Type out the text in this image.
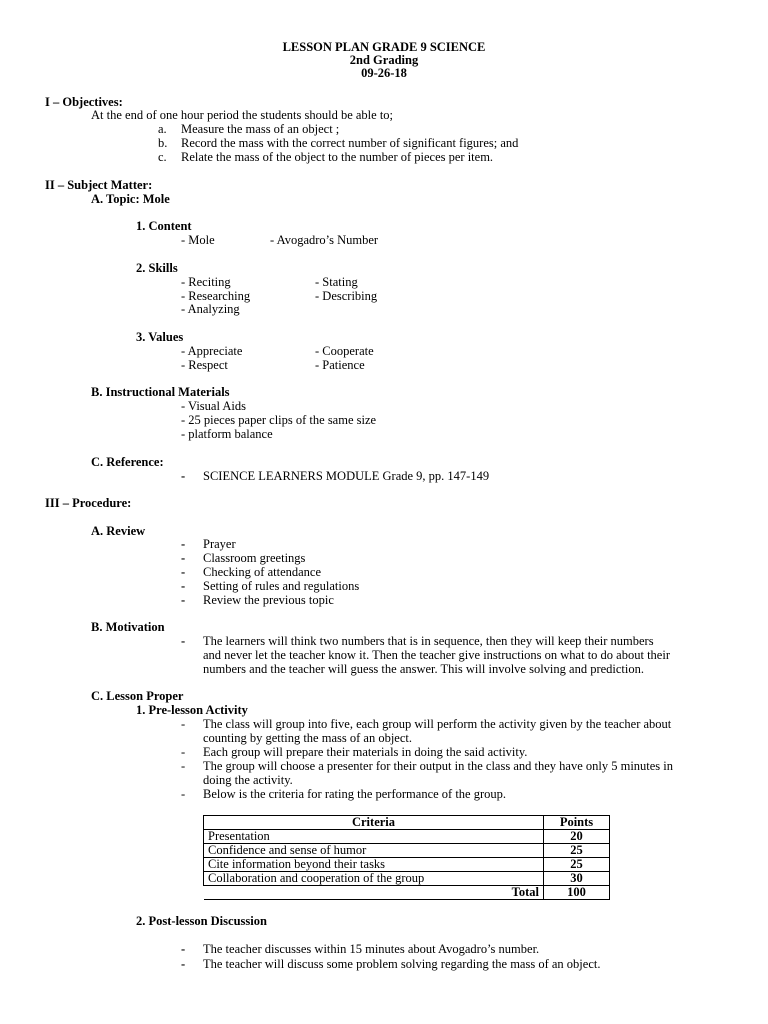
LESSON PLAN GRADE 9 SCIENCE
2nd Grading
09-26-18
I – Objectives:
At the end of one hour period the students should be able to;
a. Measure the mass of an object ;
b. Record the mass with the correct number of significant figures; and
c. Relate the mass of the object to the number of pieces per item.
II – Subject Matter:
A. Topic: Mole
1. Content
- Mole	- Avogadro’s Number
2. Skills
- Reciting	- Stating
- Researching	- Describing
- Analyzing
3. Values
- Appreciate	- Cooperate
- Respect	- Patience
B. Instructional Materials
- Visual Aids
- 25 pieces paper clips of the same size
- platform balance
C. Reference:
- SCIENCE LEARNERS MODULE Grade 9, pp. 147-149
III – Procedure:
A. Review
- Prayer
- Classroom greetings
- Checking of attendance
- Setting of rules and regulations
- Review the previous topic
B. Motivation
- The learners will think two numbers that is in sequence, then they will keep their numbers
and never let the teacher know it. Then the teacher give instructions on what to do about their
numbers and the teacher will guess the answer. This will involve solving and prediction.
C. Lesson Proper
1. Pre-lesson Activity
- The class will group into five, each group will perform the activity given by the teacher about
counting by getting the mass of an object.
- Each group will prepare their materials in doing the said activity.
- The group will choose a presenter for their output in the class and they have only 5 minutes in
doing the activity.
- Below is the criteria for rating the performance of the group.
Criteria	Points
Presentation	20
Confidence and sense of humor	25
Cite information beyond their tasks	25
Collaboration and cooperation of the group	30
Total	100
2. Post-lesson Discussion
- The teacher discusses within 15 minutes about Avogadro’s number.
- The teacher will discuss some problem solving regarding the mass of an object.
